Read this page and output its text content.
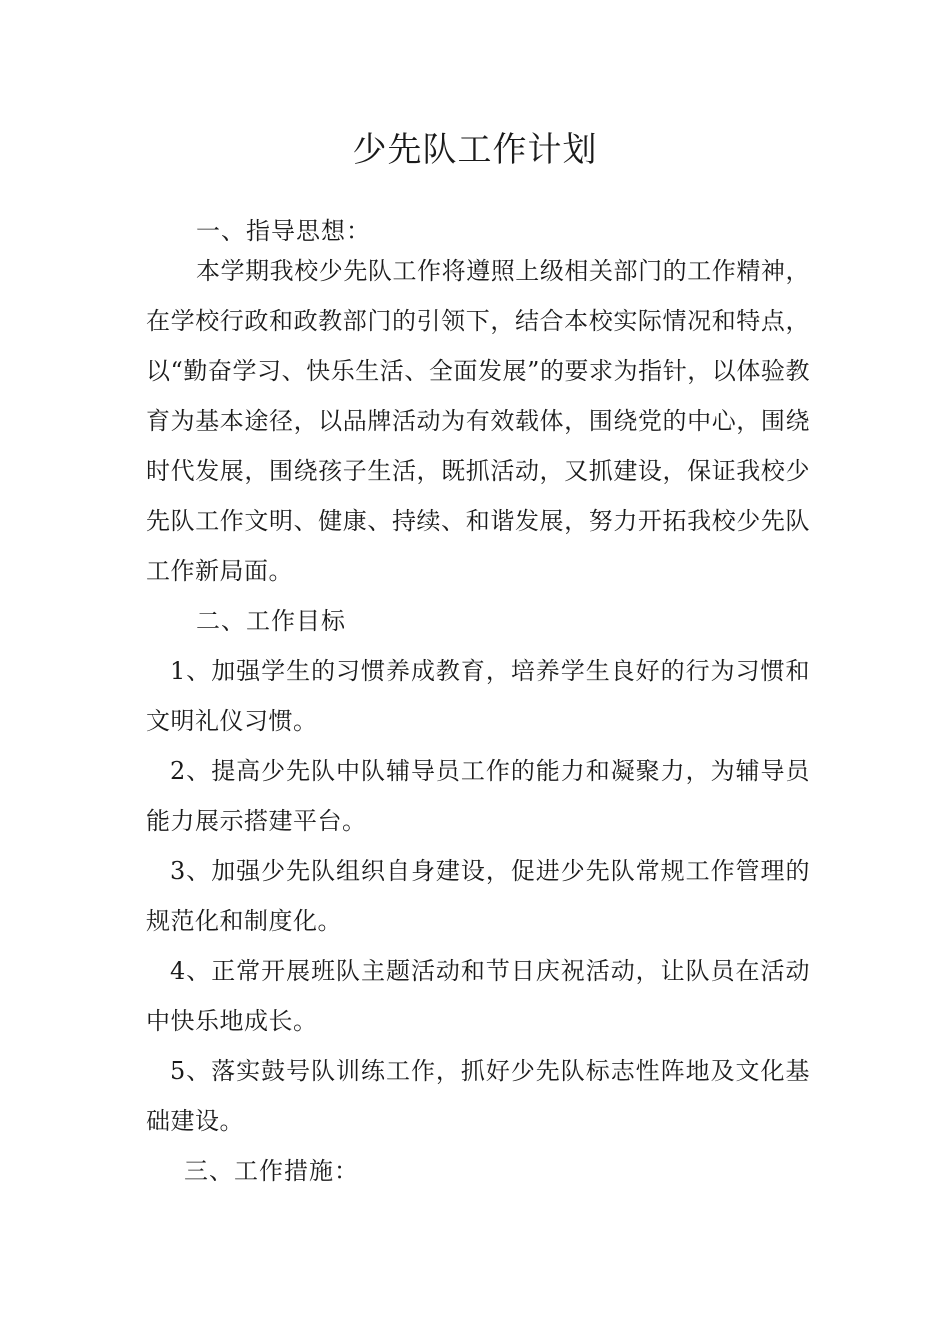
少先队工作计划
一、指导思想：
本学期我校少先队工作将遵照上级相关部门的工作精神，在学校行政和政教部门的引领下，结合本校实际情况和特点，以“勤奋学习、快乐生活、全面发展”的要求为指针，以体验教育为基本途径，以品牌活动为有效载体，围绕党的中心，围绕时代发展，围绕孩子生活，既抓活动，又抓建设，保证我校少先队工作文明、健康、持续、和谐发展，努力开拓我校少先队工作新局面。
二、工作目标
1、加强学生的习惯养成教育，培养学生良好的行为习惯和文明礼仪习惯。
2、提高少先队中队辅导员工作的能力和凝聚力，为辅导员能力展示搭建平台。
3、加强少先队组织自身建设，促进少先队常规工作管理的规范化和制度化。
4、正常开展班队主题活动和节日庆祝活动，让队员在活动中快乐地成长。
5、落实鼓号队训练工作，抓好少先队标志性阵地及文化基础建设。
三、工作措施：
